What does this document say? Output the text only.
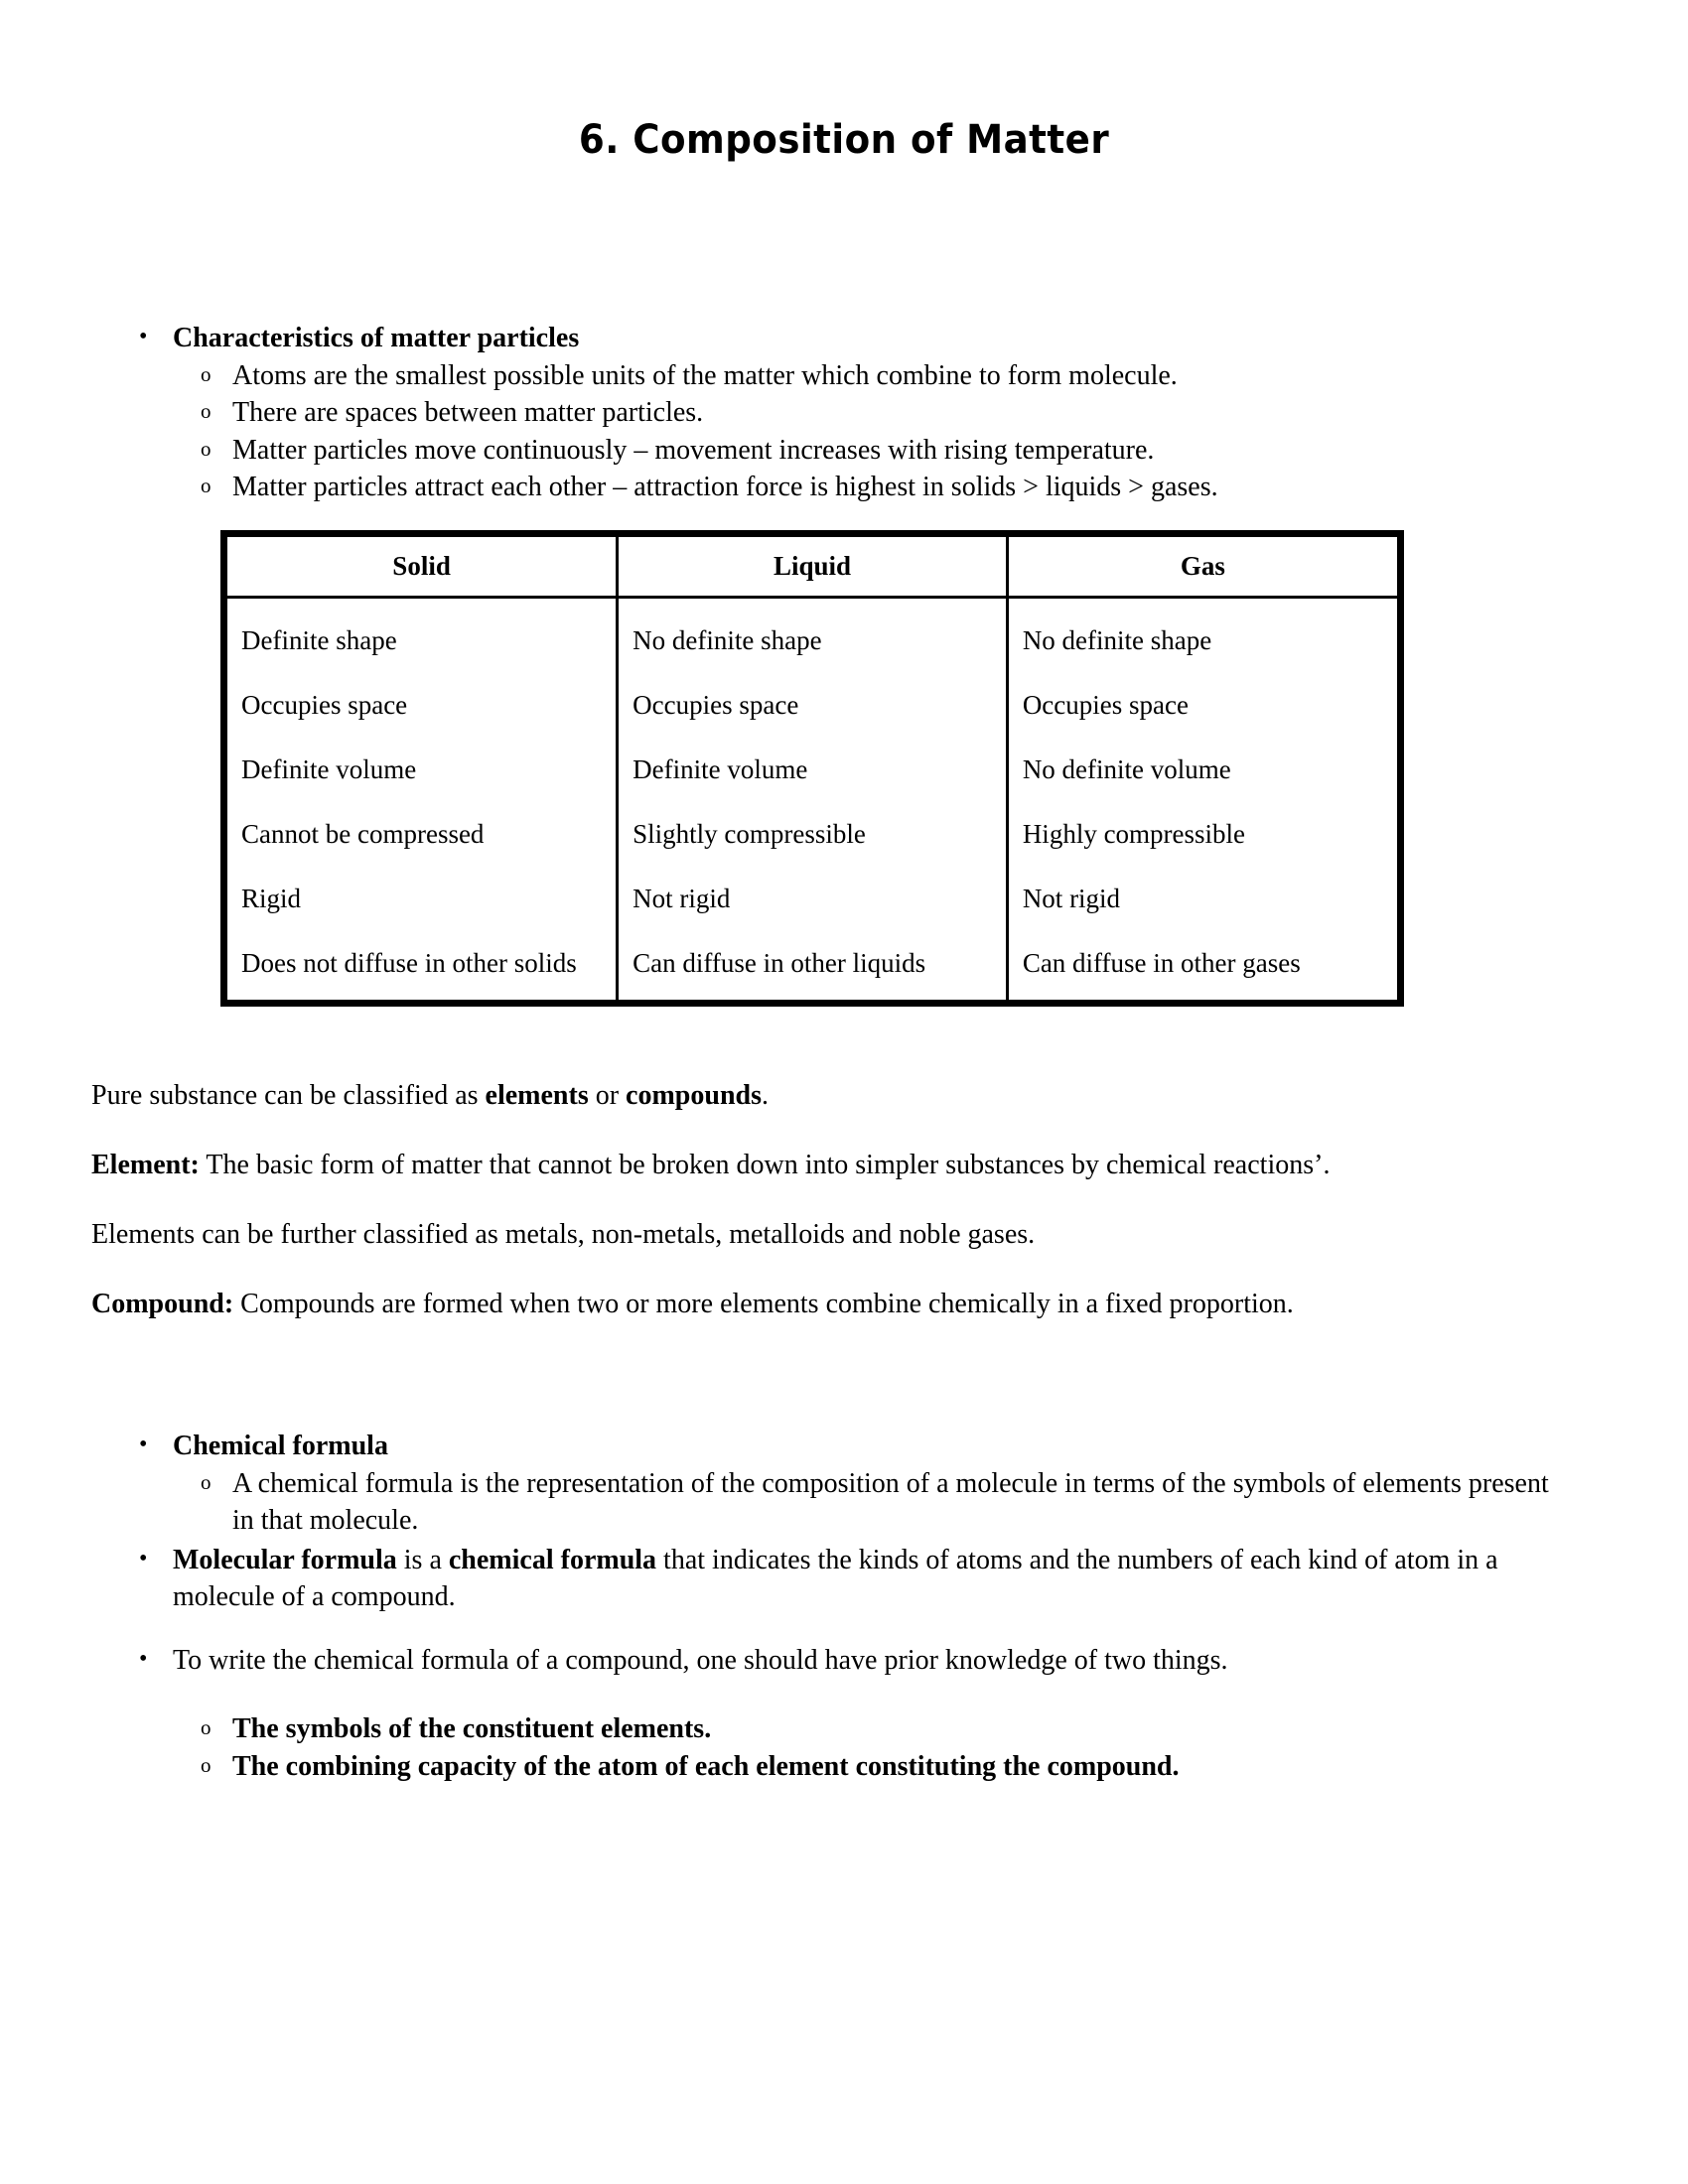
6. Composition of Matter
• Characteristics of matter particles
o Atoms are the smallest possible units of the matter which combine to form molecule.
o There are spaces between matter particles.
o Matter particles move continuously – movement increases with rising temperature.
o Matter particles attract each other – attraction force is highest in solids > liquids > gases.
Solid	Liquid	Gas
Definite shape	No definite shape	No definite shape
Occupies space	Occupies space	Occupies space
Definite volume	Definite volume	No definite volume
Cannot be compressed	Slightly compressible	Highly compressible
Rigid	Not rigid	Not rigid
Does not diffuse in other solids	Can diffuse in other liquids	Can diffuse in other gases
Pure substance can be classified as elements or compounds.
Element: The basic form of matter that cannot be broken down into simpler substances by chemical reactions’.
Elements can be further classified as metals, non-metals, metalloids and noble gases.
Compound: Compounds are formed when two or more elements combine chemically in a fixed proportion.
• Chemical formula
o A chemical formula is the representation of the composition of a molecule in terms of the symbols of elements present in that molecule.
• Molecular formula is a chemical formula that indicates the kinds of atoms and the numbers of each kind of atom in a molecule of a compound.
• To write the chemical formula of a compound, one should have prior knowledge of two things.
o The symbols of the constituent elements.
o The combining capacity of the atom of each element constituting the compound.
